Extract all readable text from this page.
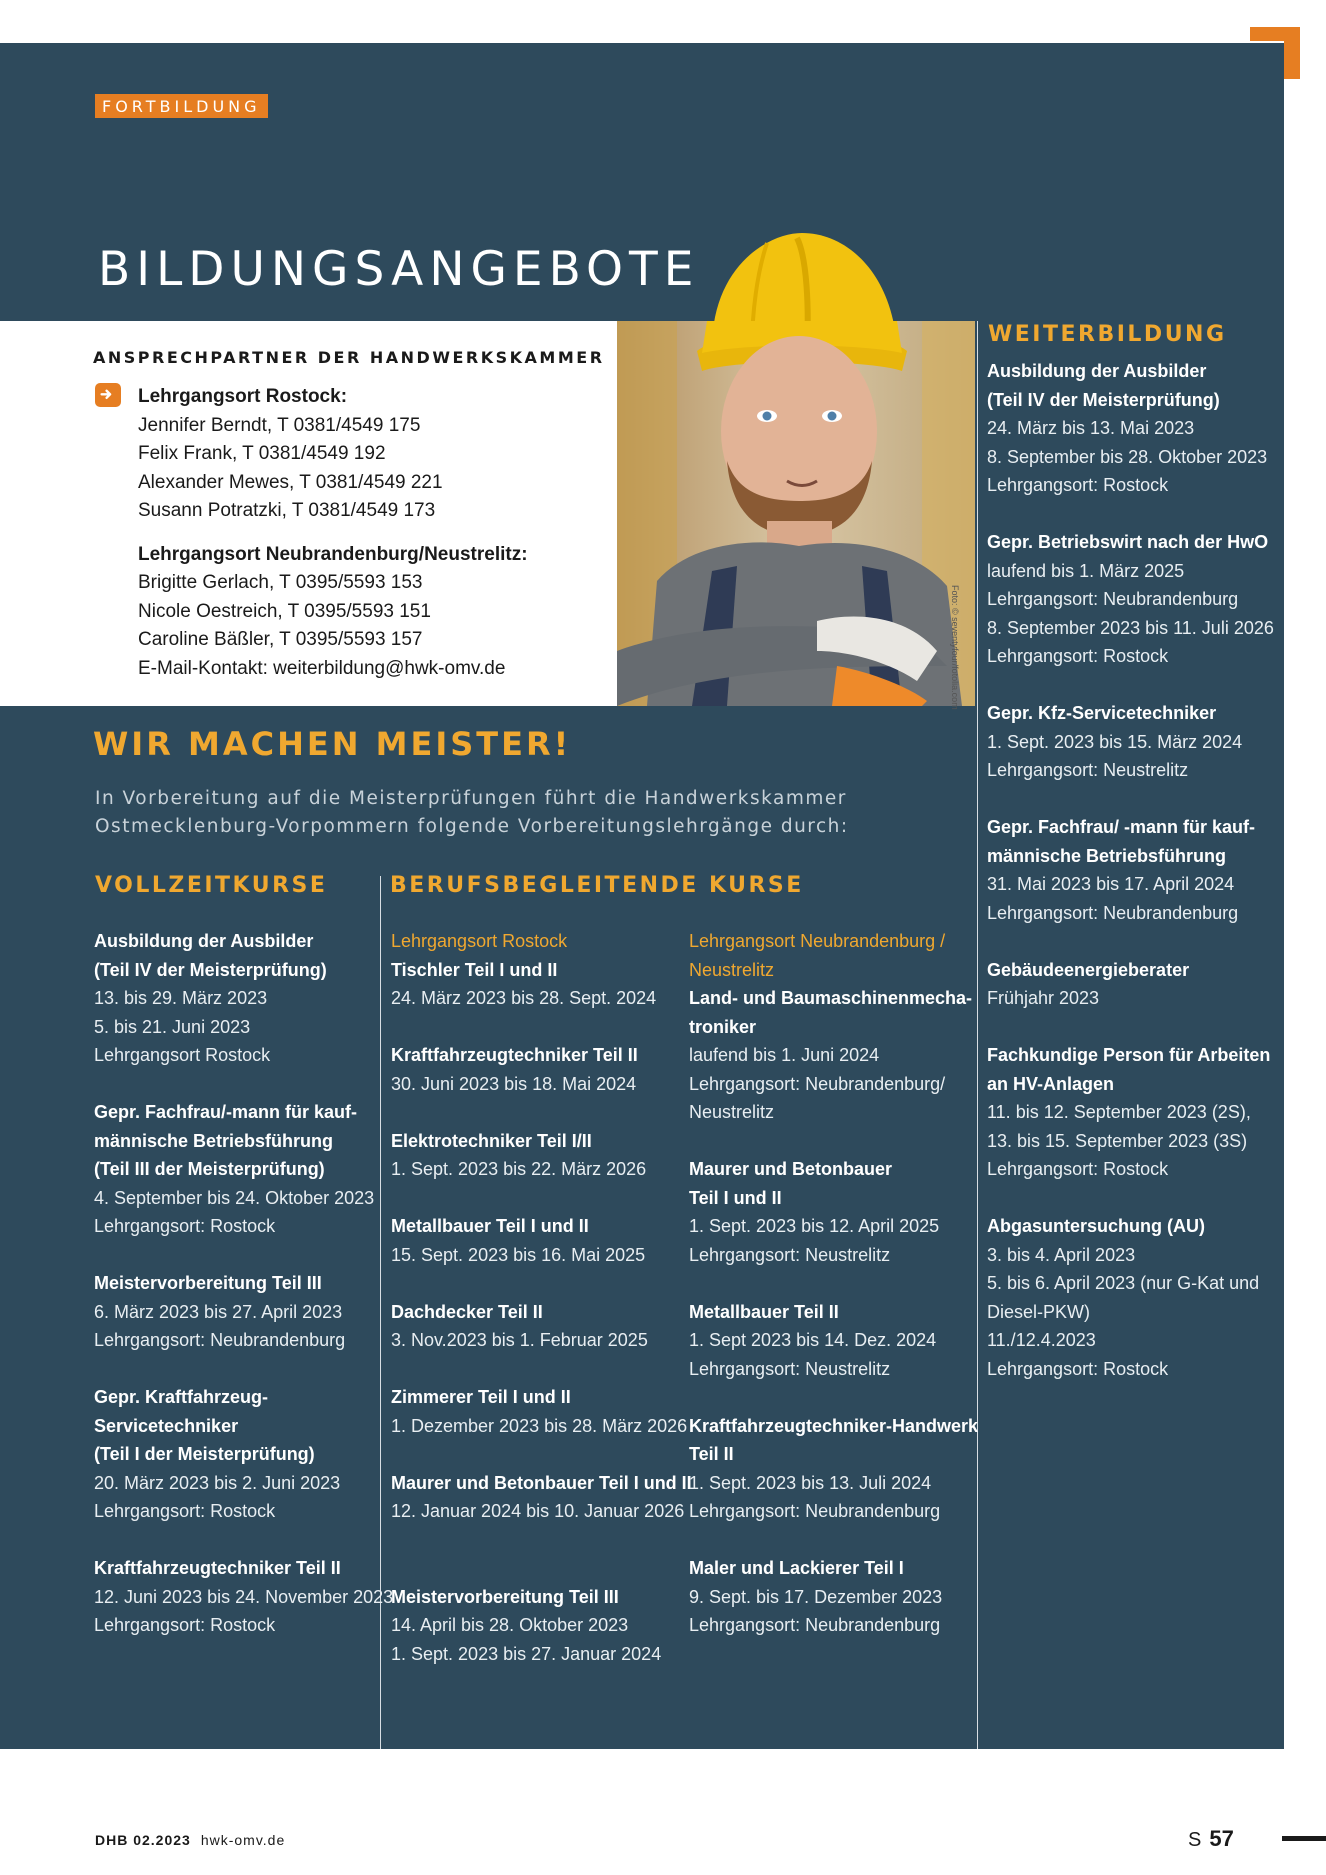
FORTBILDUNG
BILDUNGSANGEBOTE
ANSPRECHPARTNER DER HANDWERKSKAMMER
Lehrgangsort Rostock:
Jennifer Berndt, T 0381/4549 175
Felix Frank, T 0381/4549 192
Alexander Mewes, T 0381/4549 221
Susann Potratzki, T 0381/4549 173
Lehrgangsort Neubrandenburg/Neustrelitz:
Brigitte Gerlach, T 0395/5593 153
Nicole Oestreich, T 0395/5593 151
Caroline Bäßler, T 0395/5593 157
E-Mail-Kontakt: weiterbildung@hwk-omv.de	Foto: © seventyfour/fotolia.com
WIR MACHEN MEISTER!
In Vorbereitung auf die Meisterprüfungen führt die Handwerkskammer Ostmecklenburg-Vorpommern folgende Vorbereitungslehrgänge durch:
VOLLZEITKURSE	BERUFSBEGLEITENDE KURSE
WEITERBILDUNG
Ausbildung der Ausbilder
(Teil IV der Meisterprüfung)
13. bis 29. März 2023
5. bis 21. Juni 2023
Lehrgangsort Rostock
Gepr. Fachfrau/-mann für kauf-
männische Betriebsführung
(Teil III der Meisterprüfung)
4. September bis 24. Oktober 2023
Lehrgangsort: Rostock
Meistervorbereitung Teil III
6. März 2023 bis 27. April 2023
Lehrgangsort: Neubrandenburg
Gepr. Kraftfahrzeug-
Servicetechniker
(Teil I der Meisterprüfung)
20. März 2023 bis 2. Juni 2023
Lehrgangsort: Rostock
Kraftfahrzeugtechniker Teil II
12. Juni 2023 bis 24. November 2023
Lehrgangsort: Rostock
Lehrgangsort Rostock
Tischler Teil I und II
24. März 2023 bis 28. Sept. 2024
Kraftfahrzeugtechniker Teil II
30. Juni 2023 bis 18. Mai 2024
Elektrotechniker Teil I/II
1. Sept. 2023 bis 22. März 2026
Metallbauer Teil I und II
15. Sept. 2023 bis 16. Mai 2025
Dachdecker Teil II
3. Nov.2023 bis 1. Februar 2025
Zimmerer Teil I und II
1. Dezember 2023 bis 28. März 2026
Maurer und Betonbauer Teil I und II
12. Januar 2024 bis 10. Januar 2026
Meistervorbereitung Teil III
14. April bis 28. Oktober 2023
1. Sept. 2023 bis 27. Januar 2024
Lehrgangsort Neubrandenburg /
Neustrelitz
Land- und Baumaschinenmecha-
troniker
laufend bis 1. Juni 2024
Lehrgangsort: Neubrandenburg/
Neustrelitz
Maurer und Betonbauer
Teil I und II
1. Sept. 2023 bis 12. April 2025
Lehrgangsort: Neustrelitz
Metallbauer Teil II
1. Sept 2023 bis 14. Dez. 2024
Lehrgangsort: Neustrelitz
Kraftfahrzeugtechniker-Handwerk
Teil II
1. Sept. 2023 bis 13. Juli 2024
Lehrgangsort: Neubrandenburg
Maler und Lackierer Teil I
9. Sept. bis 17. Dezember 2023
Lehrgangsort: Neubrandenburg
Ausbildung der Ausbilder
(Teil IV der Meisterprüfung)
24. März bis 13. Mai 2023
8. September bis 28. Oktober 2023
Lehrgangsort: Rostock
Gepr. Betriebswirt nach der HwO
laufend bis 1. März 2025
Lehrgangsort: Neubrandenburg
8. September 2023 bis 11. Juli 2026
Lehrgangsort: Rostock
Gepr. Kfz-Servicetechniker
1. Sept. 2023 bis 15. März 2024
Lehrgangsort: Neustrelitz
Gepr. Fachfrau/ -mann für kauf-
männische Betriebsführung
31. Mai 2023 bis 17. April 2024
Lehrgangsort: Neubrandenburg
Gebäudeenergieberater
Frühjahr 2023
Fachkundige Person für Arbeiten
an HV-Anlagen
11. bis 12. September 2023 (2S),
13. bis 15. September 2023 (3S)
Lehrgangsort: Rostock
Abgasuntersuchung (AU)
3. bis 4. April 2023
5. bis 6. April 2023 (nur G-Kat und
Diesel-PKW)
11./12.4.2023
Lehrgangsort: Rostock
DHB 02.2023 hwk-omv.de	S 57
